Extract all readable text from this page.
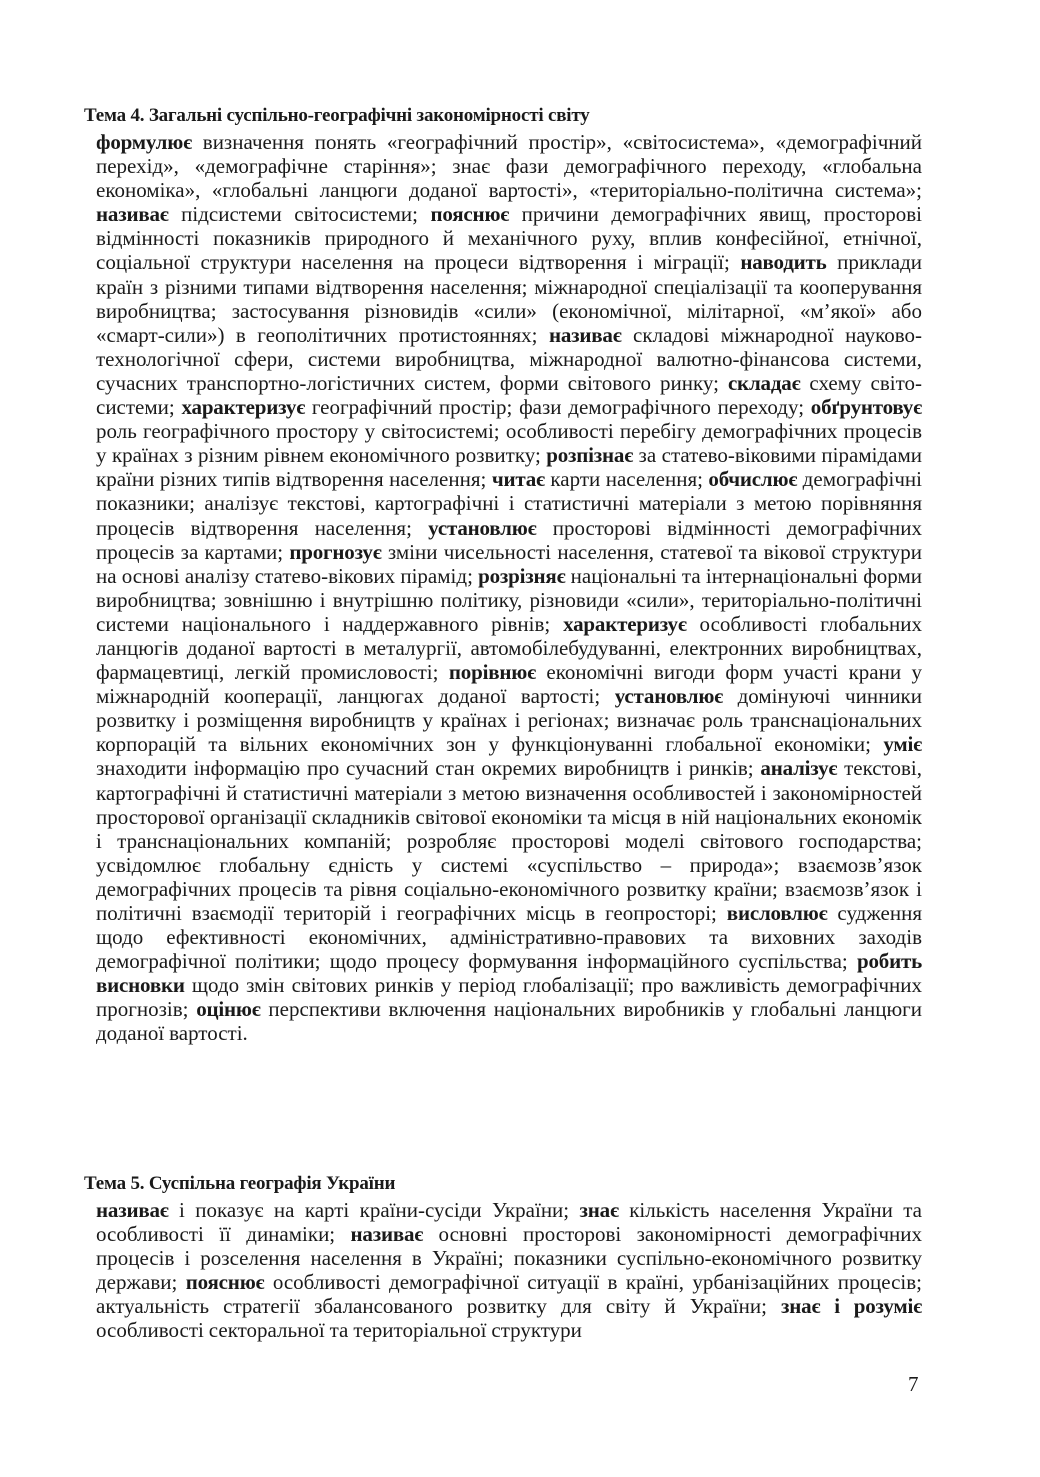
Тема 4. Загальні суспільно-географічні закономірності світу
формулює визначення понять «географічний простір», «світосистема», «демографічний перехід», «демографічне старіння»; знає фази демографічного переходу, «глобальна економіка», «глобальні ланцюги доданої вартості», «територіально-політична система»; називає підсистеми світосистеми; пояснює причини демографічних явищ, просторові відмінності показників природного й механічного руху, вплив конфесійної, етнічної, соціальної структури населення на процеси відтворення і міграції; наводить приклади країн з різними типами відтворення населення; міжнародної спеціалізації та кооперування виробництва; застосування різновидів «сили» (економічної, мілітарної, «м’якої» або «смарт-сили») в геополітичних протистояннях; називає складові міжнародної науково-технологічної сфери, системи виробництва, міжнародної валютно-фінансова системи, сучасних транспортно-логістичних систем, форми світового ринку; складає схему світосистеми; характеризує географічний простір; фази демографічного переходу; обґрунтовує роль географічного простору у світосистемі; особливості перебігу демографічних процесів у країнах з різним рівнем економічного розвитку; розпізнає за статево-віковими пірамідами країни різних типів відтворення населення; читає карти населення; обчислює демографічні показники; аналізує текстові, картографічні і статистичні матеріали з метою порівняння процесів відтворення населення; установлює просторові відмінності демографічних процесів за картами; прогнозує зміни чисельності населення, статевої та вікової структури на основі аналізу статево-вікових пірамід; розрізняє національні та інтернаціональні форми виробництва; зовнішню і внутрішню політику, різновиди «сили», територіально-політичні системи національного і наддержавного рівнів; характеризує особливості глобальних ланцюгів доданої вартості в металургії, автомобілебудуванні, електронних виробництвах, фармацевтиці, легкій промисловості; порівнює економічні вигоди форм участі крани у міжнародній кооперації, ланцюгах доданої вартості; установлює домінуючі чинники розвитку і розміщення виробництв у країнах і регіонах; визначає роль транснаціональних корпорацій та вільних економічних зон у функціонуванні глобальної економіки; уміє знаходити інформацію про сучасний стан окремих виробництв і ринків; аналізує текстові, картографічні й статистичні матеріали з метою визначення особливостей і закономірностей просторової організації складників світової економіки та місця в ній національних економік і транснаціональних компаній; розробляє просторові моделі світового господарства; усвідомлює глобальну єдність у системі «суспільство – природа»; взаємозв’язок демографічних процесів та рівня соціально-економічного розвитку країни; взаємозв’язок і політичні взаємодії територій і географічних місць в геопросторі; висловлює судження щодо ефективності економічних, адміністративно-правових та виховних заходів демографічної політики; щодо процесу формування інформаційного суспільства; робить висновки щодо змін світових ринків у період глобалізації; про важливість демографічних прогнозів; оцінює перспективи включення національних виробників у глобальні ланцюги доданої вартості.
Тема 5. Суспільна географія України
називає і показує на карті країни-сусіди України; знає кількість населення України та особливості її динаміки; називає основні просторові закономірності демографічних процесів і розселення населення в Україні; показники суспільно-економічного розвитку держави; пояснює особливості демографічної ситуації в країні, урбанізаційних процесів; актуальність стратегії збалансованого розвитку для світу й України; знає і розуміє особливості секторальної та територіальної структури
7
